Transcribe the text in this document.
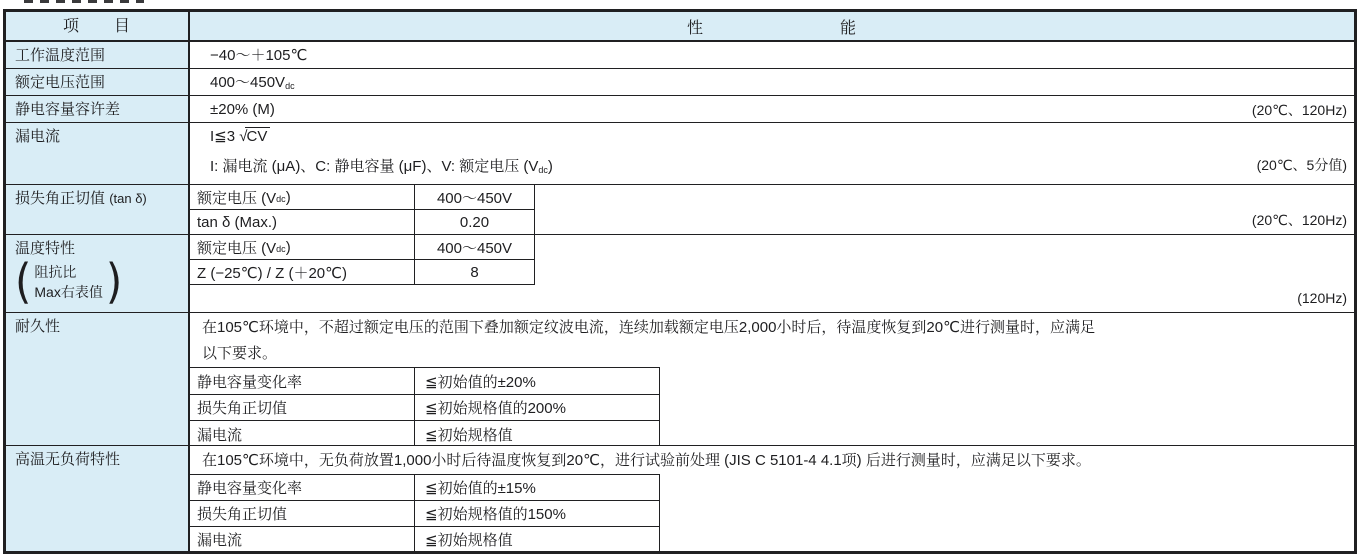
项　　目	性　　　　　　　　能
工作温度范围	−40～＋105℃
额定电压范围	400～450Vdc
静电容量容许差	±20% (M)	(20℃、120Hz)
漏电流	I≦3 √CV
I: 漏电流 (μA)、C: 静电容量 (μF)、V: 额定电压 (Vdc)	(20℃、5分值)
损失角正切值 (tan δ)	额定电压 (V dc )	400～450V
tan δ (Max.)	0.20	(20℃、120Hz)
温度特性
( 阻抗比
Max右表值 )
额定电压 (V dc )	400～450V
Z (−25℃) / Z (＋20℃)	8
(120Hz)
耐久性	在105℃环境中，不超过额定电压的范围下叠加额定纹波电流，连续加载额定电压2,000小时后，待温度恢复到20℃进行测量时，应满足
以下要求。
静电容量变化率	≦初始值的±20%
损失角正切值	≦初始规格值的200%
漏电流	≦初始规格值
高温无负荷特性	在105℃环境中，无负荷放置1,000小时后待温度恢复到20℃，进行试验前处理 (JIS C 5101-4 4.1项) 后进行测量时，应满足以下要求。
静电容量变化率	≦初始值的±15%
损失角正切值	≦初始规格值的150%
漏电流	≦初始规格值
